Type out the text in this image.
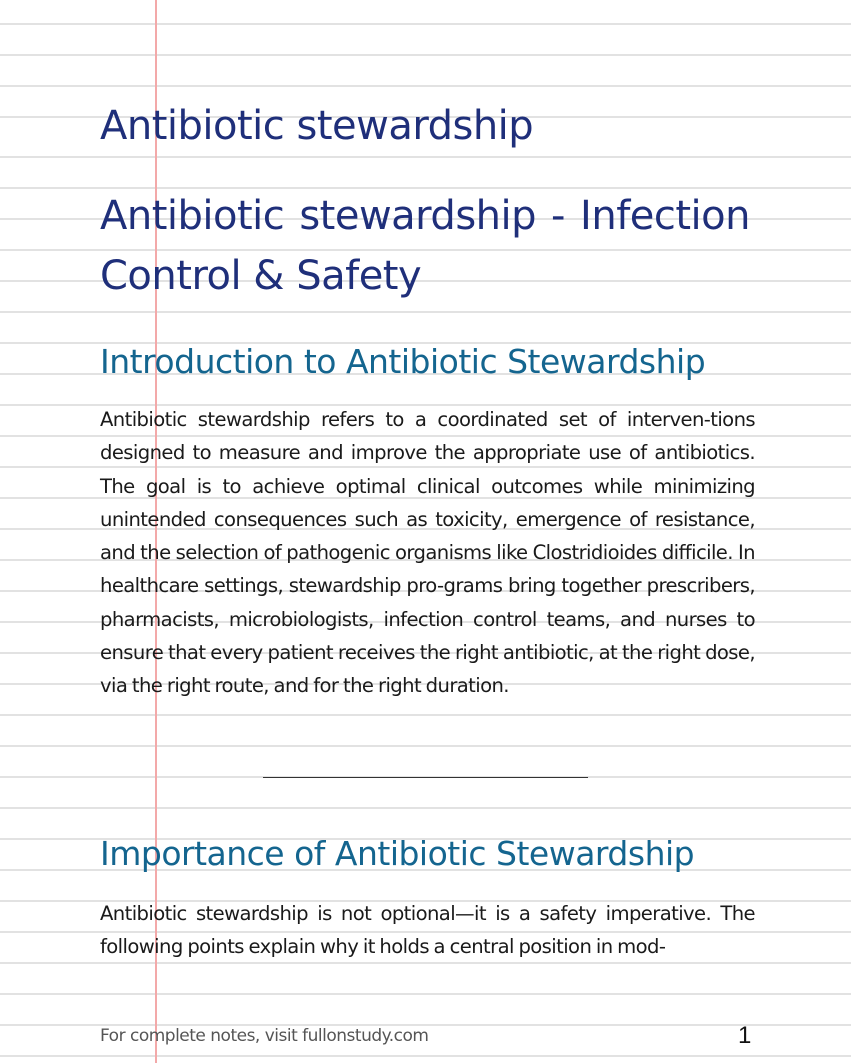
Antibiotic stewardship
Antibiotic stewardship - Infection Control & Safety
Introduction to Antibiotic Stewardship

Antibiotic stewardship refers to a coordinated set of interven-tions designed to measure and improve the appropriate use of antibiotics. The goal is to achieve optimal clinical outcomes while minimizing unintended consequences such as toxicity, emergence of resistance, and the selection of pathogenic organisms like Clostridioides difficile. In healthcare settings, stewardship pro-grams bring together prescribers, pharmacists, microbiologists, infection control teams, and nurses to ensure that every patient receives the right antibiotic, at the right dose, via the right route, and for the right duration.

Importance of Antibiotic Stewardship

Antibiotic stewardship is not optional—it is a safety imperative. The following points explain why it holds a central position in mod-

For complete notes, visit fullonstudy.com	1
